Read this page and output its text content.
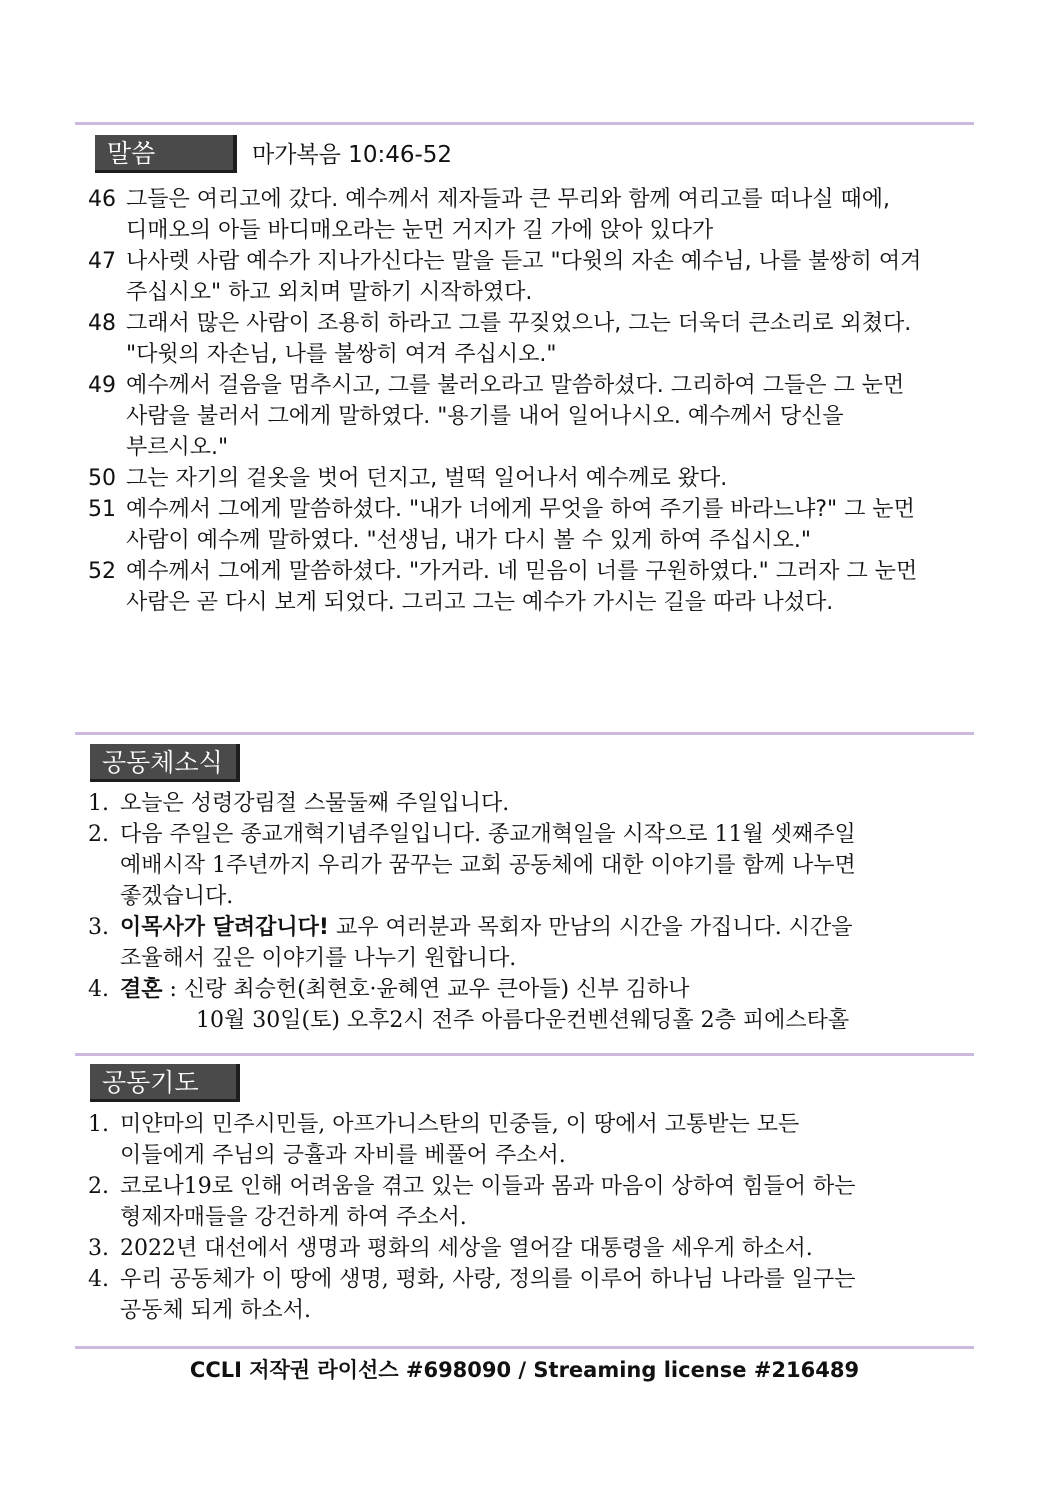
말씀	마가복음 10:46-52
46 그들은 여리고에 갔다. 예수께서 제자들과 큰 무리와 함께 여리고를 떠나실 때에,
디매오의 아들 바디매오라는 눈먼 거지가 길 가에 앉아 있다가
47 나사렛 사람 예수가 지나가신다는 말을 듣고 "다윗의 자손 예수님, 나를 불쌍히 여겨
주십시오" 하고 외치며 말하기 시작하였다.
48 그래서 많은 사람이 조용히 하라고 그를 꾸짖었으나, 그는 더욱더 큰소리로 외쳤다.
"다윗의 자손님, 나를 불쌍히 여겨 주십시오."
49 예수께서 걸음을 멈추시고, 그를 불러오라고 말씀하셨다. 그리하여 그들은 그 눈먼
사람을 불러서 그에게 말하였다. "용기를 내어 일어나시오. 예수께서 당신을
부르시오."
50 그는 자기의 겉옷을 벗어 던지고, 벌떡 일어나서 예수께로 왔다.
51 예수께서 그에게 말씀하셨다. "내가 너에게 무엇을 하여 주기를 바라느냐?" 그 눈먼
사람이 예수께 말하였다. "선생님, 내가 다시 볼 수 있게 하여 주십시오."
52 예수께서 그에게 말씀하셨다. "가거라. 네 믿음이 너를 구원하였다." 그러자 그 눈먼
사람은 곧 다시 보게 되었다. 그리고 그는 예수가 가시는 길을 따라 나섰다.
공동체소식
1. 오늘은 성령강림절 스물둘째 주일입니다.
2. 다음 주일은 종교개혁기념주일입니다. 종교개혁일을 시작으로 11월 셋째주일
예배시작 1주년까지 우리가 꿈꾸는 교회 공동체에 대한 이야기를 함께 나누면
좋겠습니다.
3. 이목사가 달려갑니다! 교우 여러분과 목회자 만남의 시간을 가집니다. 시간을
조율해서 깊은 이야기를 나누기 원합니다.
4. 결혼 : 신랑 최승헌(최현호·윤혜연 교우 큰아들) 신부 김하나
10월 30일(토) 오후2시 전주 아름다운컨벤션웨딩홀 2층 피에스타홀
공동기도
1. 미얀마의 민주시민들, 아프가니스탄의 민중들, 이 땅에서 고통받는 모든
이들에게 주님의 긍휼과 자비를 베풀어 주소서.
2. 코로나19로 인해 어려움을 겪고 있는 이들과 몸과 마음이 상하여 힘들어 하는
형제자매들을 강건하게 하여 주소서.
3. 2022년 대선에서 생명과 평화의 세상을 열어갈 대통령을 세우게 하소서.
4. 우리 공동체가 이 땅에 생명, 평화, 사랑, 정의를 이루어 하나님 나라를 일구는
공동체 되게 하소서.
CCLI 저작권 라이선스 #698090 / Streaming license #216489
